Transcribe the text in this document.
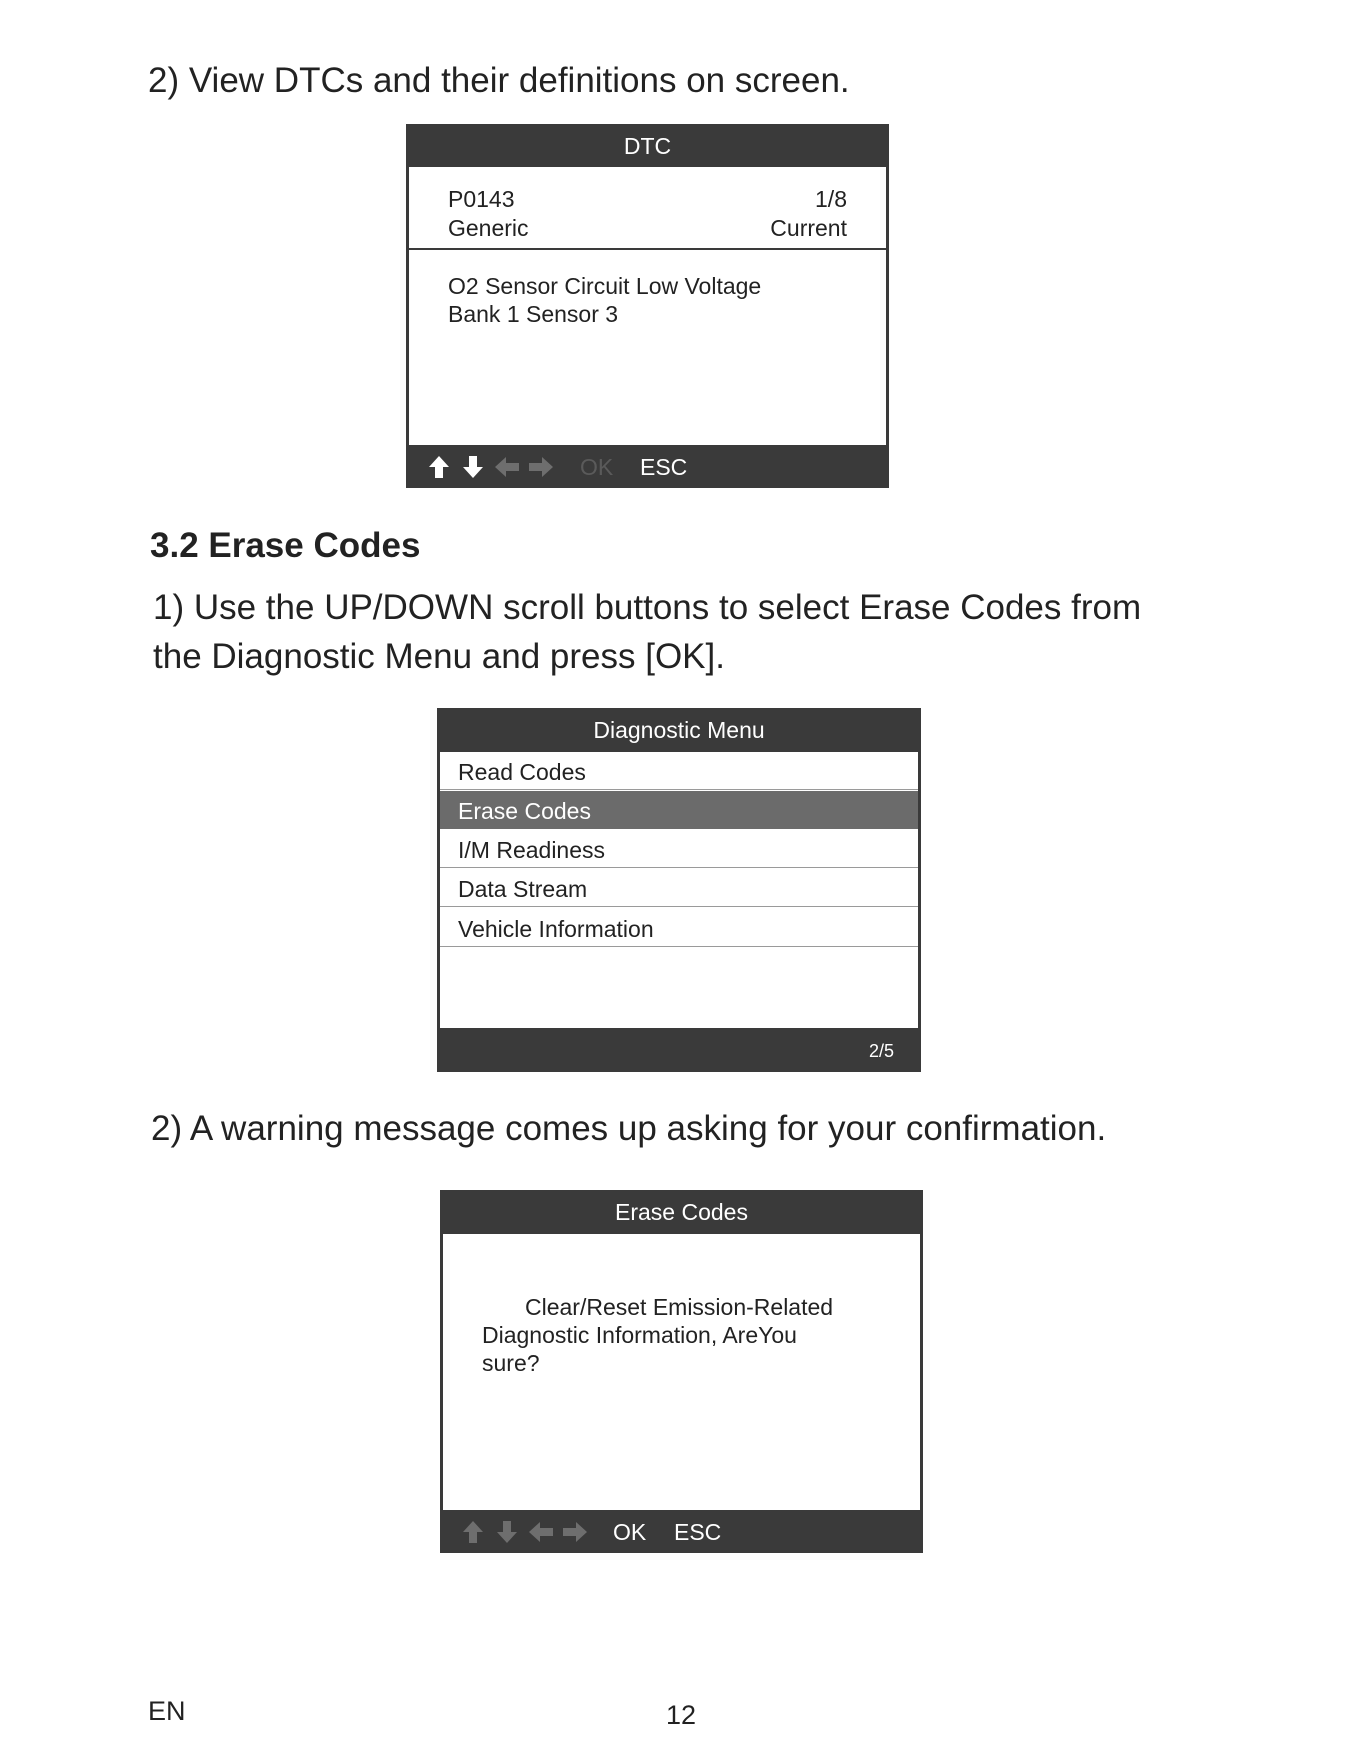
2) View DTCs and their definitions on screen.
DTC
P0143	1/8
Generic	Current
O2 Sensor Circuit Low Voltage
Bank 1 Sensor 3
OK ESC
3.2 Erase Codes
1) Use the UP/DOWN scroll buttons to select Erase Codes from
the Diagnostic Menu and press [OK].
Diagnostic Menu
Read Codes
Erase Codes
I/M Readiness
Data Stream
Vehicle Information
2/5
2) A warning message comes up asking for your confirmation.
Erase Codes
Clear/Reset Emission-Related
Diagnostic Information, AreYou
sure?
OK ESC
EN	12
